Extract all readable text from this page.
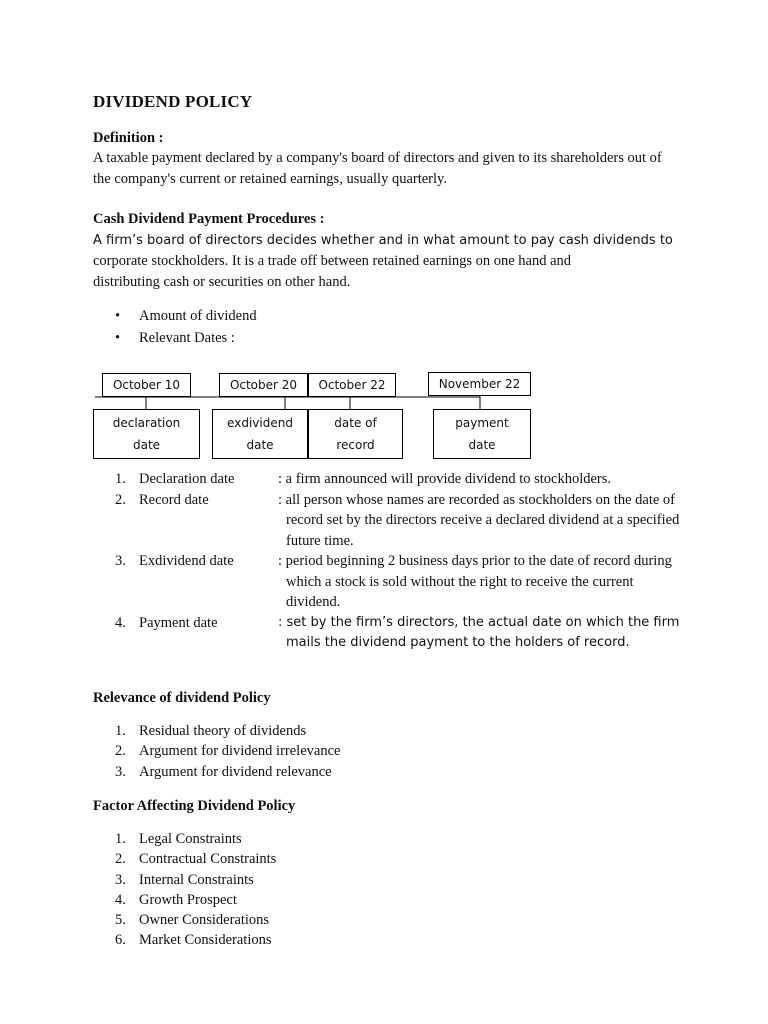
DIVIDEND POLICY
Definition :
A taxable payment declared by a company's board of directors and given to its shareholders out of the company's current or retained earnings, usually quarterly.
Cash Dividend Payment Procedures :
A firm’s board of directors decides whether and in what amount to pay cash dividends to
corporate stockholders. It is a trade off between retained earnings on one hand and distributing cash or securities on other hand.
• Amount of dividend
• Relevant Dates :
October 10	October 20 October 22	November 22
declaration
date
exdividend
date
date of
record
payment
date
1. Declaration date	: a firm announced will provide dividend to stockholders.
2. Record date	: all person whose names are recorded as stockholders on the date of record set by the directors receive a declared dividend at a specified future time.
3. Exdividend date	: period beginning 2 business days prior to the date of record during which a stock is sold without the right to receive the current dividend.
4. Payment date	: set by the firm’s directors, the actual date on which the firm mails the dividend payment to the holders of record.
Relevance of dividend Policy
1. Residual theory of dividends
2. Argument for dividend irrelevance
3. Argument for dividend relevance
Factor Affecting Dividend Policy
1. Legal Constraints
2. Contractual Constraints
3. Internal Constraints
4. Growth Prospect
5. Owner Considerations
6. Market Considerations
